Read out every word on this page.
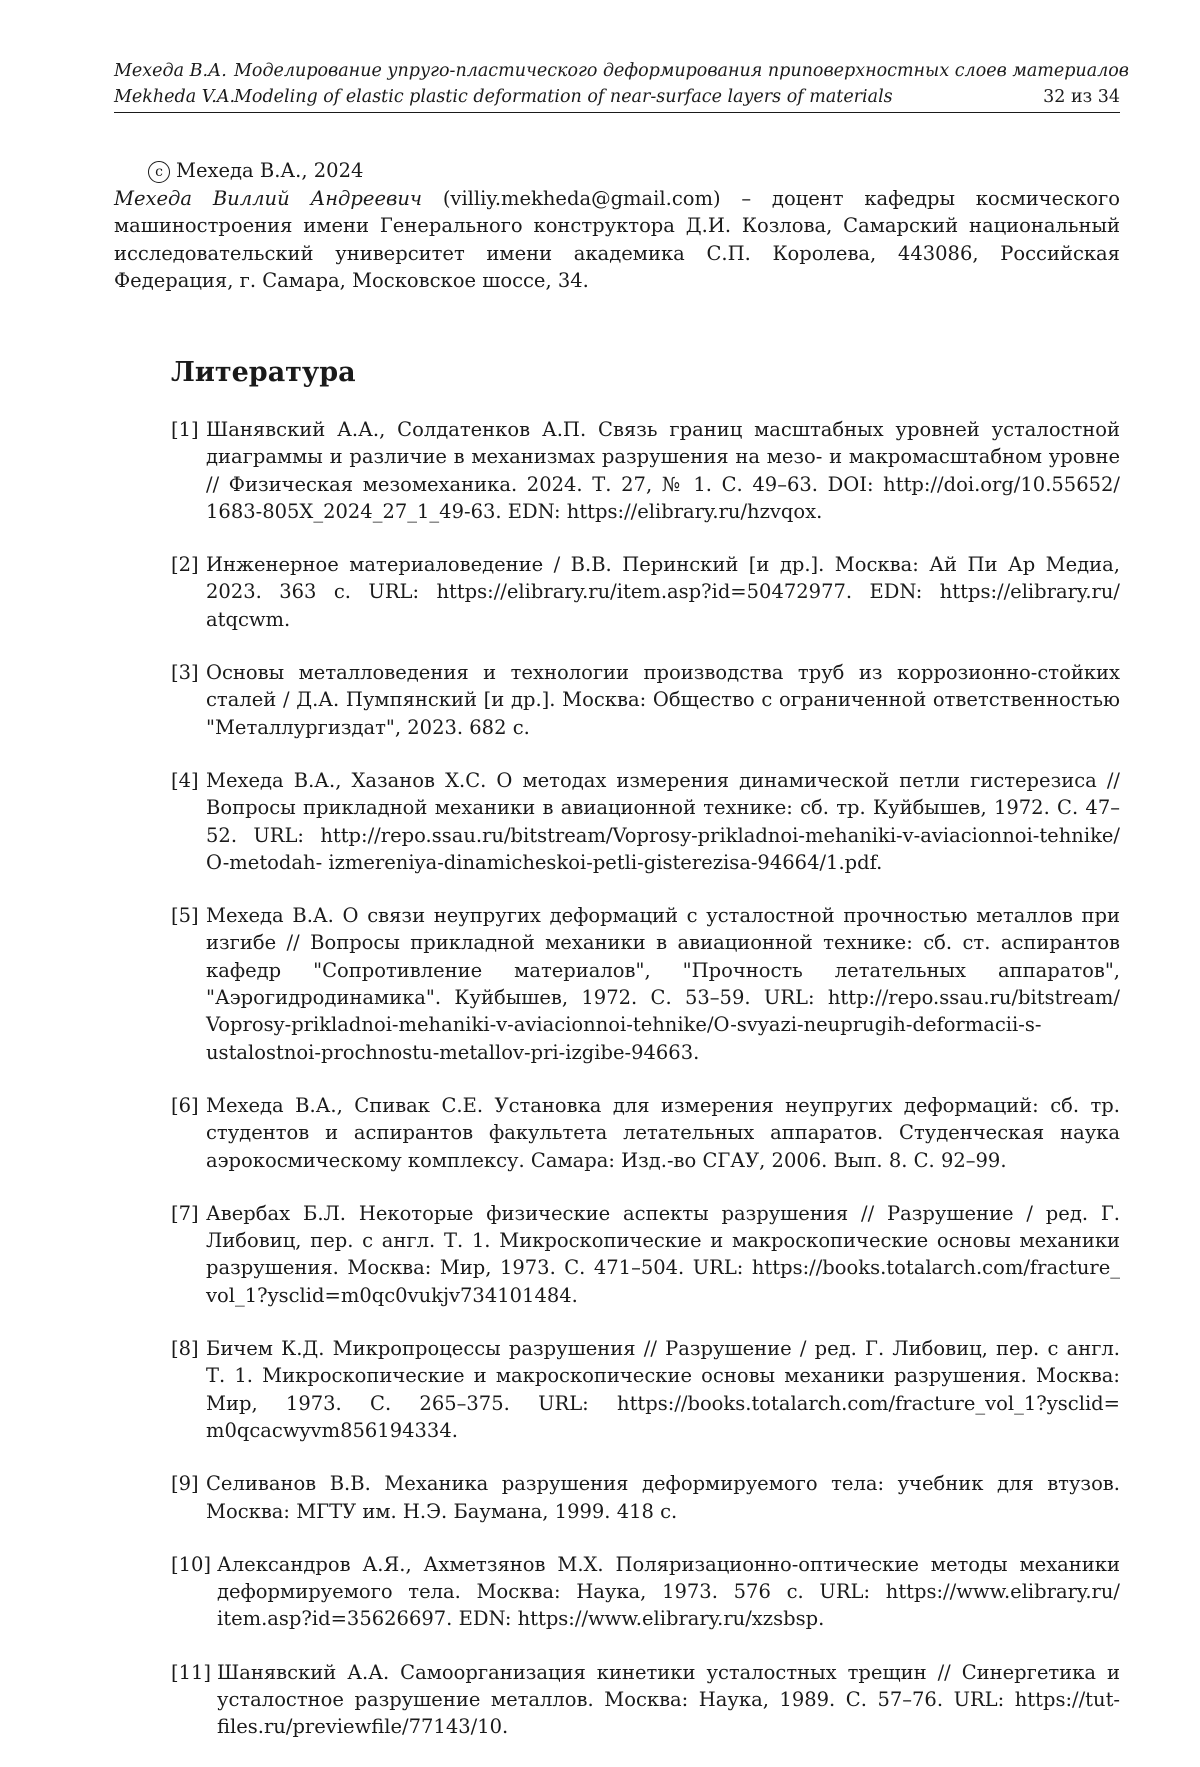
Мехеда В.А. Моделирование упруго-пластического деформирования приповерхностных слоев материалов
Mekheda V.A.
Modeling of elastic plastic deformation of near-surface layers of materials	32 из 34
c Мехеда В.А., 2024
Мехеда Виллий Андреевич (villiy.mekheda@gmail.com) – доцент кафедры космического машиностроения имени Генерального конструктора Д.И. Козлова, Самарский национальный исследовательский университет имени академика С.П. Королева, 443086, Российская Федерация, г. Самара, Московское шоссе, 34.
Литература
[1] Шанявский А.А., Солдатенков А.П. Связь границ масштабных уровней усталостной диаграммы и различие в механизмах разрушения на мезо-​ и макромасштабном уровне /​/​ Физическая мезомеханика. 2024. Т. 27, № 1. С. 49–63. DOI: http:/​/​doi.org/​10.55652/​1683-​805X_​2024_​27_​1_​49-​63. EDN: https:/​/​elibrary.ru/​hzvqox.
[2] Инженерное материаловедение /​ В.В. Перинский [и др.]. Москва: Ай Пи Ар Медиа, 2023. 363 с. URL: https:/​/​elibrary.ru/​item.asp?​id=​50472977. EDN: https:/​/​elibrary.ru/​atqcwm.
[3] Основы металловедения и технологии производства труб из коррозионно-​стойких сталей /​ Д.А. Пумпянский [и др.]. Москва: Общество с ограниченной ответственностью "Металлургиздат", 2023. 682 с.
[4] Мехеда В.А., Хазанов Х.С. О методах измерения динамической петли гистерезиса /​/​ Вопросы прикладной механики в авиационной технике: сб. тр. Куйбышев, 1972. С. 47–52. URL: http:/​/​repo.ssau.ru/​bitstream/​Voprosy-​prikladnoi-​mehaniki-​v-​aviacionnoi-​tehnike/​O-​metodah-​ izmereniya-​dinamicheskoi-​petli-​gisterezisa-​94664/​1.pdf.
[5] Мехеда В.А. О связи неупругих деформаций с усталостной прочностью металлов при изгибе /​/​ Вопросы прикладной механики в авиационной технике: сб. ст. аспирантов кафедр "Сопротивление материалов", "Прочность летательных аппаратов", "Аэрогидродинамика". Куйбышев, 1972. С. 53–59. URL: http:/​/​repo.ssau.ru/​bitstream/​Voprosy-​prikladnoi-​mehaniki-​v-​aviacionnoi-​tehnike/​O-​svyazi-​neuprugih-​deformacii-​s-​ustalostnoi-​prochnostu-​metallov-​pri-​izgibe-​94663.
[6] Мехеда В.А., Спивак С.Е. Установка для измерения неупругих деформаций: сб. тр. студентов и аспирантов факультета летательных аппаратов. Студенческая наука аэрокосмическому комплексу. Самара: Изд.-​во СГАУ, 2006. Вып. 8. С. 92–99.
[7] Авербах Б.Л. Некоторые физические аспекты разрушения /​/​ Разрушение /​ ред. Г. Либовиц, пер. с англ. Т. 1. Микроскопические и макроскопические основы механики разрушения. Москва: Мир, 1973. С. 471–504. URL: https:/​/​books.totalarch.com/​fracture_​vol_​1?​ysclid=​m0qc0vukjv734101484.
[8] Бичем К.Д. Микропроцессы разрушения /​/​ Разрушение /​ ред. Г. Либовиц, пер. с англ. Т. 1. Микроскопические и макроскопические основы механики разрушения. Москва: Мир, 1973. С. 265–375. URL: https:/​/​books.totalarch.com/​fracture_​vol_​1?​ysclid=​m0qcacwyvm856194334.
[9] Селиванов В.В. Механика разрушения деформируемого тела: учебник для втузов. Москва: МГТУ им. Н.Э. Баумана, 1999. 418 с.
[10] Александров А.Я., Ахметзянов М.Х. Поляризационно-​оптические методы механики деформируемого тела. Москва: Наука, 1973. 576 с. URL: https:/​/​www.elibrary.ru/​item.asp?​id=​35626697. EDN: https:/​/​www.elibrary.ru/​xzsbsp.
[11] Шанявский А.А. Самоорганизация кинетики усталостных трещин /​/​ Синергетика и усталостное разрушение металлов. Москва: Наука, 1989. С. 57–76. URL: https:/​/​tut-​files.ru/​previewfile/​77143/​10.
